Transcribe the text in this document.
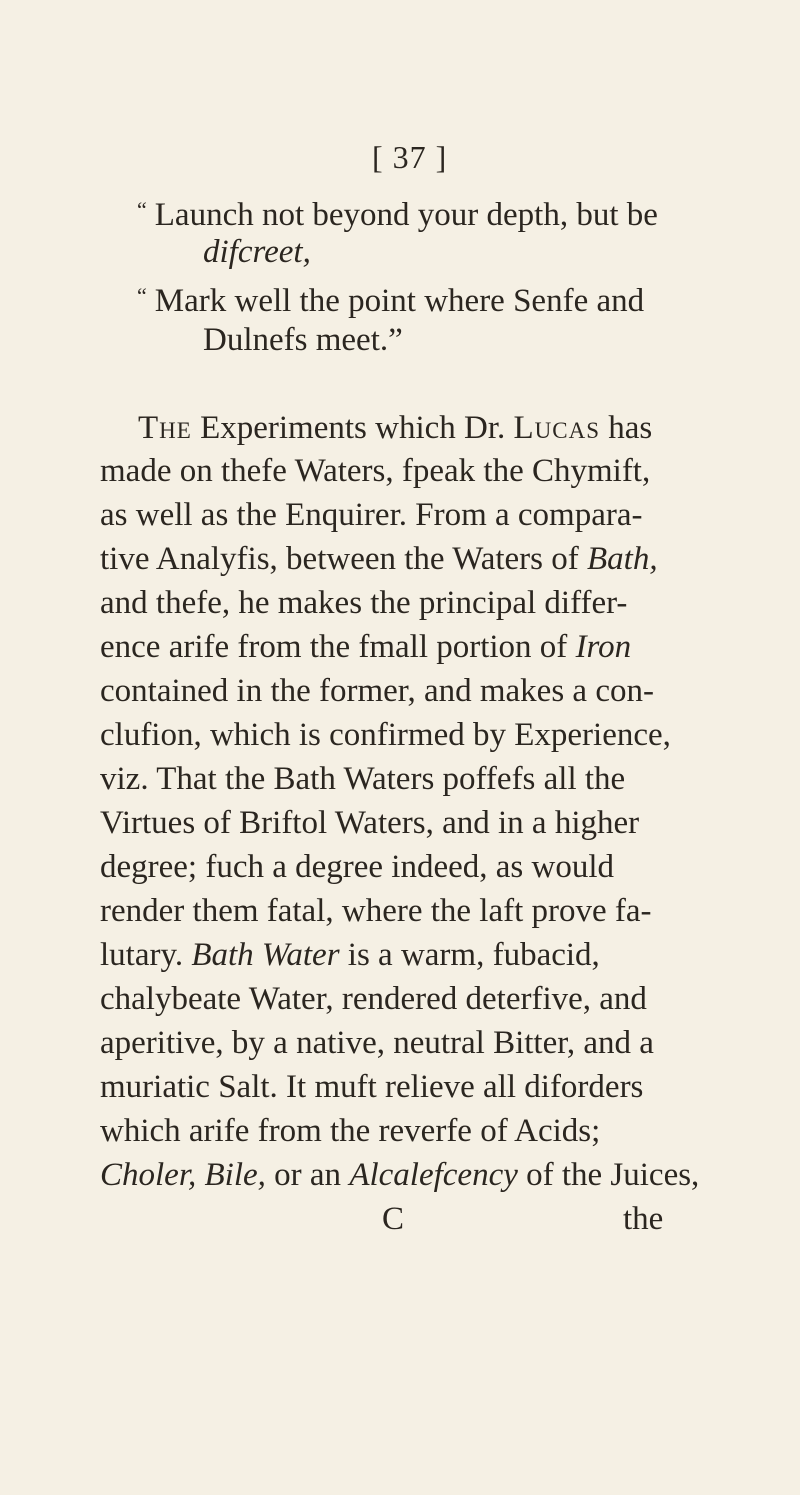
[ 37 ]
“ Launch not beyond your depth, but be
difcreet,
“ Mark well the point where Senfe and
Dulnefs meet.”
The Experiments which Dr. Lucas has
made on thefe Waters, fpeak the Chymift,
as well as the Enquirer. From a compara-
tive Analyfis, between the Waters of Bath,
and thefe, he makes the principal differ-
ence arife from the fmall portion of Iron
contained in the former, and makes a con-
clufion, which is confirmed by Experience,
viz. That the Bath Waters poffefs all the
Virtues of Briftol Waters, and in a higher
degree; fuch a degree indeed, as would
render them fatal, where the laft prove fa-
lutary. Bath Water is a warm, fubacid,
chalybeate Water, rendered deterfive, and
aperitive, by a native, neutral Bitter, and a
muriatic Salt. It muft relieve all diforders
which arife from the reverfe of Acids;
Choler, Bile, or an Alcalefcency of the Juices,
C	the
